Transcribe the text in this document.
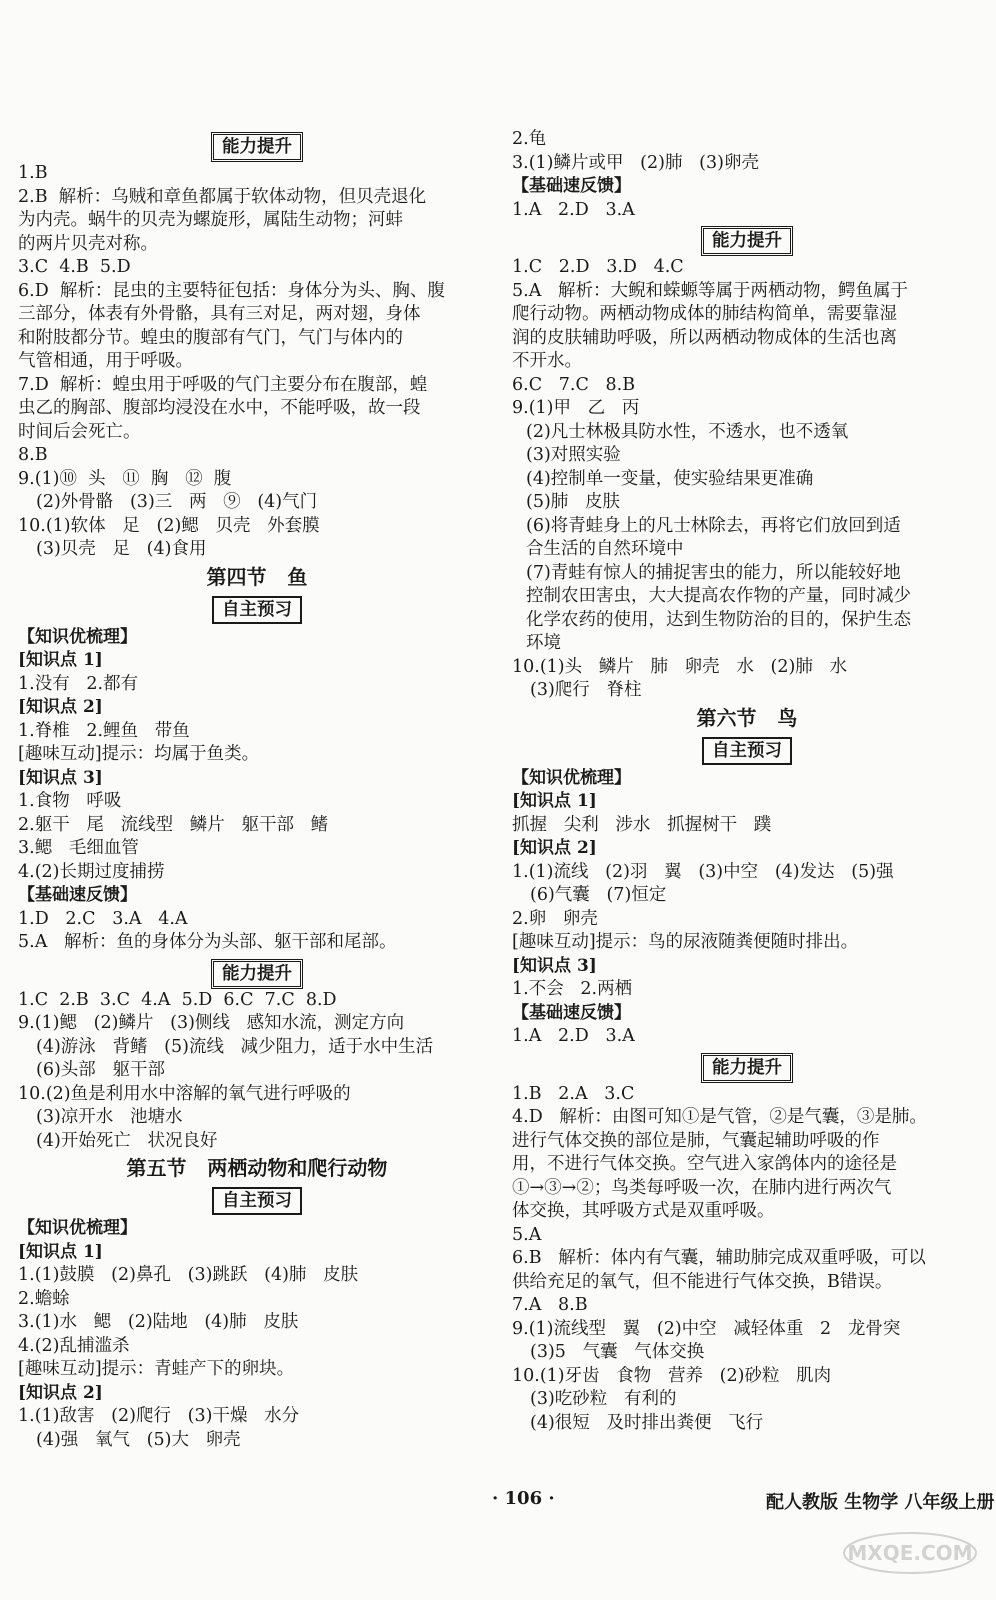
能力提升
1.B
2.B  解析：乌贼和章鱼都属于软体动物，但贝壳退化
为内壳。蜗牛的贝壳为螺旋形，属陆生动物；河蚌
的两片贝壳对称。
3.C  4.B  5.D
6.D  解析：昆虫的主要特征包括：身体分为头、胸、腹
三部分，体表有外骨骼，具有三对足，两对翅，身体
和附肢都分节。蝗虫的腹部有气门，气门与体内的
气管相通，用于呼吸。
7.D  解析：蝗虫用于呼吸的气门主要分布在腹部，蝗
虫乙的胸部、腹部均浸没在水中，不能呼吸，故一段
时间后会死亡。
8.B
9.(1)⑩  头   ⑪  胸   ⑫  腹
(2)外骨骼   (3)三   两   ⑨   (4)气门
10.(1)软体   足   (2)鳃   贝壳   外套膜
(3)贝壳   足   (4)食用
第四节   鱼
自主预习
【知识优梳理】
[知识点 1]
1.没有   2.都有
[知识点 2]
1.脊椎   2.鲤鱼   带鱼
[趣味互动]提示：均属于鱼类。
[知识点 3]
1.食物   呼吸
2.躯干   尾   流线型   鳞片   躯干部   鳍
3.鳃   毛细血管
4.(2)长期过度捕捞
【基础速反馈】
1.D   2.C   3.A   4.A
5.A   解析：鱼的身体分为头部、躯干部和尾部。
能力提升
1.C  2.B  3.C  4.A  5.D  6.C  7.C  8.D
9.(1)鳃   (2)鳞片   (3)侧线   感知水流，测定方向
(4)游泳   背鳍   (5)流线   减少阻力，适于水中生活
(6)头部   躯干部
10.(2)鱼是利用水中溶解的氧气进行呼吸的
(3)凉开水   池塘水
(4)开始死亡   状况良好
第五节   两栖动物和爬行动物
自主预习
【知识优梳理】
[知识点 1]
1.(1)鼓膜   (2)鼻孔   (3)跳跃   (4)肺   皮肤
2.蟾蜍
3.(1)水   鳃   (2)陆地   (4)肺   皮肤
4.(2)乱捕滥杀
[趣味互动]提示：青蛙产下的卵块。
[知识点 2]
1.(1)敌害   (2)爬行   (3)干燥   水分
(4)强   氧气   (5)大   卵壳
2.龟
3.(1)鳞片或甲   (2)肺   (3)卵壳
【基础速反馈】
1.A   2.D   3.A
能力提升
1.C   2.D   3.D   4.C
5.A   解析：大鲵和蝾螈等属于两栖动物，鳄鱼属于
爬行动物。两栖动物成体的肺结构简单，需要靠湿
润的皮肤辅助呼吸，所以两栖动物成体的生活也离
不开水。
6.C   7.C   8.B
9.(1)甲   乙   丙
(2)凡士林极具防水性，不透水，也不透氧
(3)对照实验
(4)控制单一变量，使实验结果更准确
(5)肺   皮肤
(6)将青蛙身上的凡士林除去，再将它们放回到适
合生活的自然环境中
(7)青蛙有惊人的捕捉害虫的能力，所以能较好地
控制农田害虫，大大提高农作物的产量，同时减少
化学农药的使用，达到生物防治的目的，保护生态
环境
10.(1)头   鳞片   肺   卵壳   水   (2)肺   水
(3)爬行   脊柱
第六节   鸟
自主预习
【知识优梳理】
[知识点 1]
抓握   尖利   涉水   抓握树干   蹼
[知识点 2]
1.(1)流线   (2)羽   翼   (3)中空   (4)发达   (5)强
(6)气囊   (7)恒定
2.卵   卵壳
[趣味互动]提示：鸟的尿液随粪便随时排出。
[知识点 3]
1.不会   2.两栖
【基础速反馈】
1.A   2.D   3.A
能力提升
1.B   2.A   3.C
4.D   解析：由图可知①是气管，②是气囊，③是肺。
进行气体交换的部位是肺，气囊起辅助呼吸的作
用，不进行气体交换。空气进入家鸽体内的途径是
①→③→②；鸟类每呼吸一次，在肺内进行两次气
体交换，其呼吸方式是双重呼吸。
5.A
6.B   解析：体内有气囊，辅助肺完成双重呼吸，可以
供给充足的氧气，但不能进行气体交换，B错误。
7.A   8.B
9.(1)流线型   翼   (2)中空   减轻体重   2   龙骨突
(3)5   气囊   气体交换
10.(1)牙齿   食物   营养   (2)砂粒   肌肉
(3)吃砂粒   有利的
(4)很短   及时排出粪便   飞行
· 106 ·	配人教版 生物学 八年级上册
MXQE.COM
